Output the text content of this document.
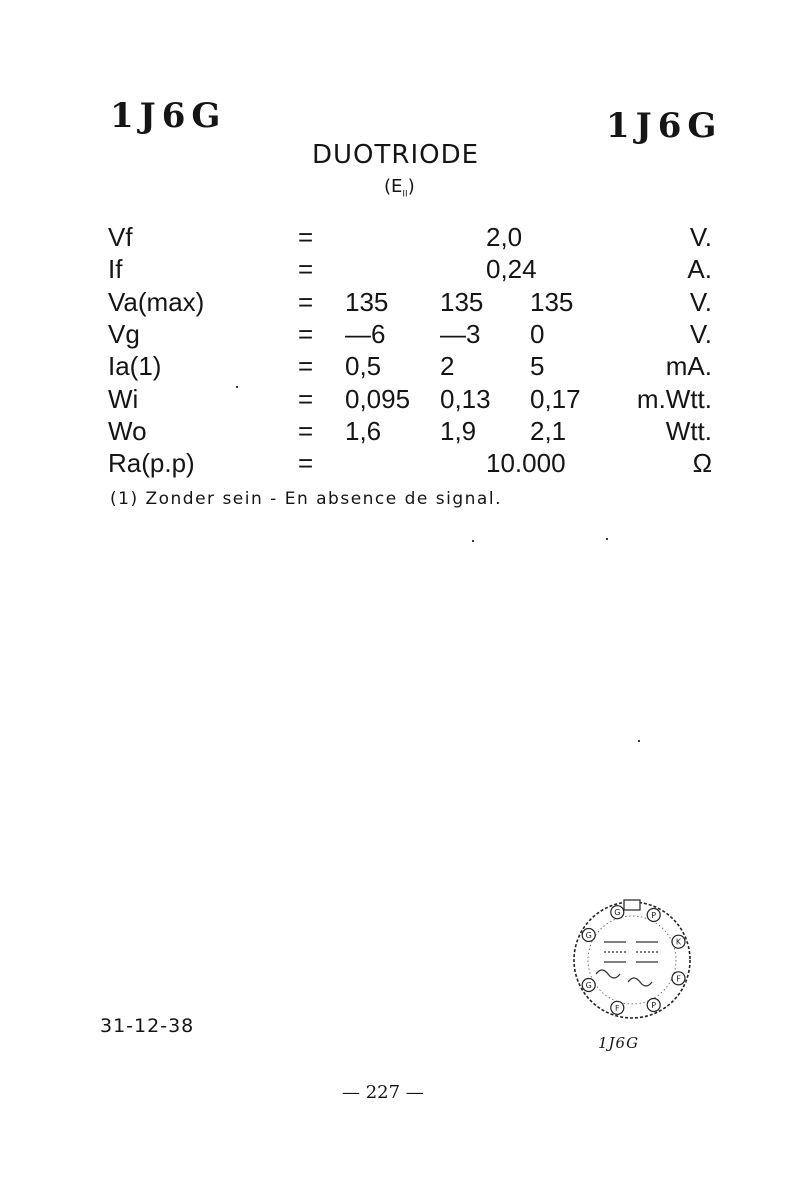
1J6G	1J6G
DUOTRIODE
$(E_{II})$
Vf	=	2,0	V.
If	=	0,24	A.
Va(max)	= 135 135 135	V.
Vg	= —6 —3 0	V.
Ia(1)	= 0,5 2	5	mA.
Wi	= 0,095 0,13 0,17 m.Wtt.
Wo	= 1,6 1,9 2,1	Wtt.
Ra(p.p)	=	10.000	Ω
(1) Zonder sein - En absence de signal.
G
G	P
K
F
P
F
G
1J6G
31-12-38
— 227 —
